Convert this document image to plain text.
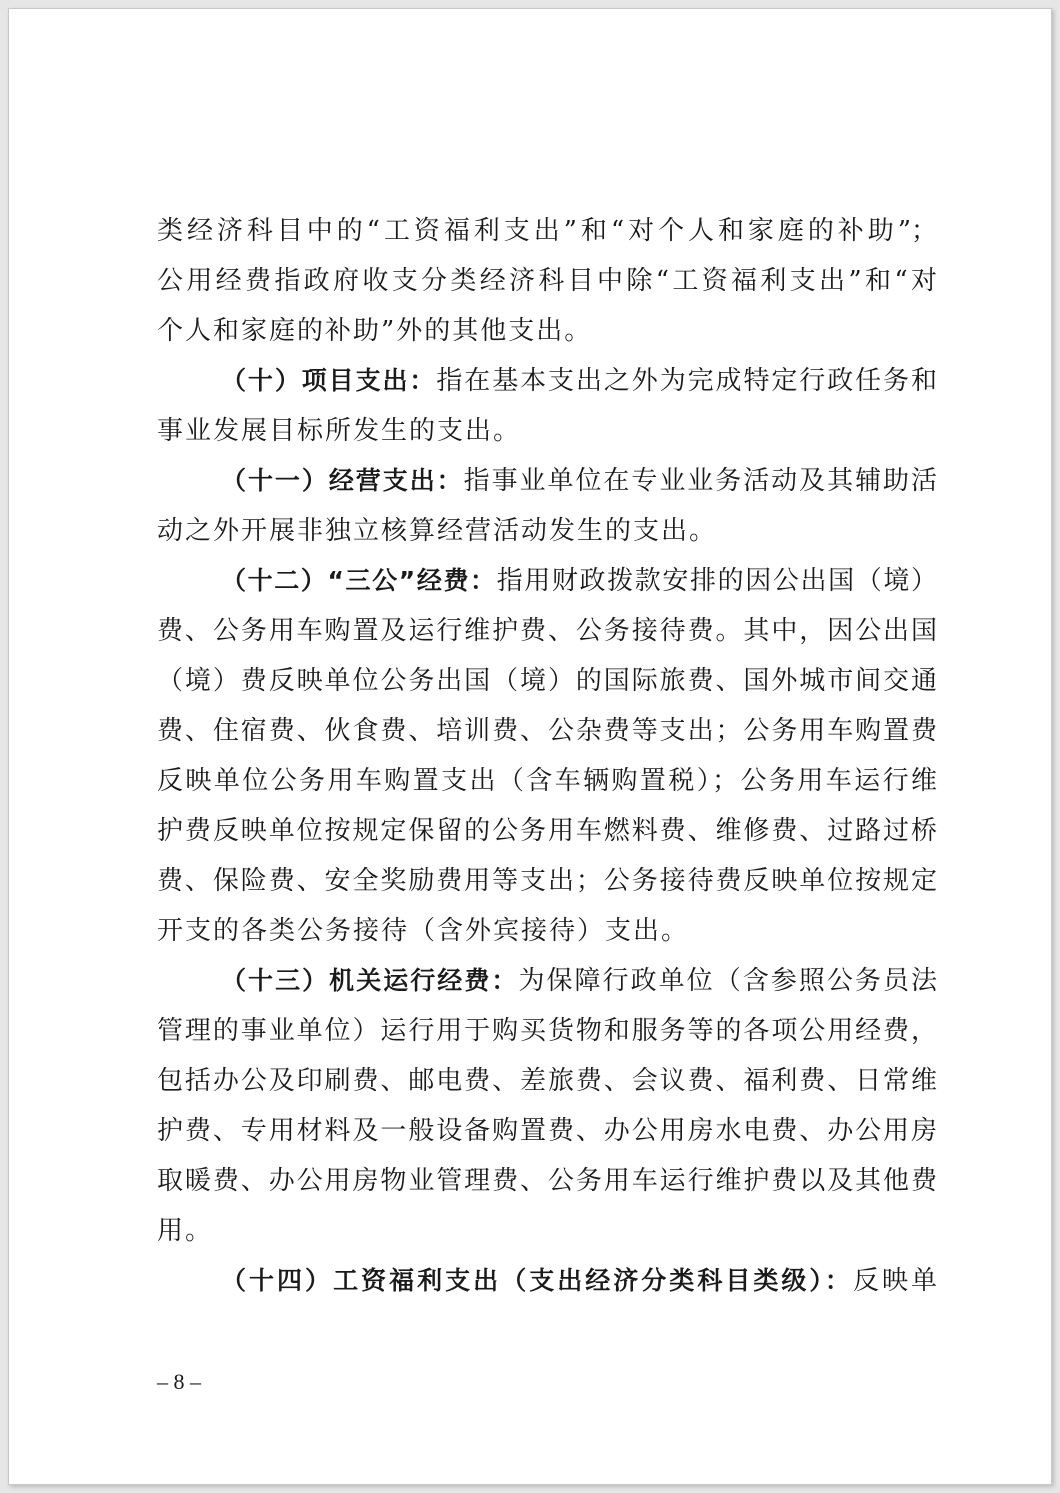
类经济科目中的“工资福利支出”和“对个人和家庭的补助”；
公用经费指政府收支分类经济科目中除“工资福利支出”和“对
个人和家庭的补助”外的其他支出。
（十）项目支出：指在基本支出之外为完成特定行政任务和
事业发展目标所发生的支出。
（十一）经营支出：指事业单位在专业业务活动及其辅助活
动之外开展非独立核算经营活动发生的支出。
（十二）“三公”经费：指用财政拨款安排的因公出国（境）
费、公务用车购置及运行维护费、公务接待费。其中，因公出国
（境）费反映单位公务出国（境）的国际旅费、国外城市间交通
费、住宿费、伙食费、培训费、公杂费等支出；公务用车购置费
反映单位公务用车购置支出（含车辆购置税）；公务用车运行维
护费反映单位按规定保留的公务用车燃料费、维修费、过路过桥
费、保险费、安全奖励费用等支出；公务接待费反映单位按规定
开支的各类公务接待（含外宾接待）支出。
（十三）机关运行经费：为保障行政单位（含参照公务员法
管理的事业单位）运行用于购买货物和服务等的各项公用经费，
包括办公及印刷费、邮电费、差旅费、会议费、福利费、日常维
护费、专用材料及一般设备购置费、办公用房水电费、办公用房
取暖费、办公用房物业管理费、公务用车运行维护费以及其他费
用。
（十四）工资福利支出（支出经济分类科目类级）：反映单
– 8 –
